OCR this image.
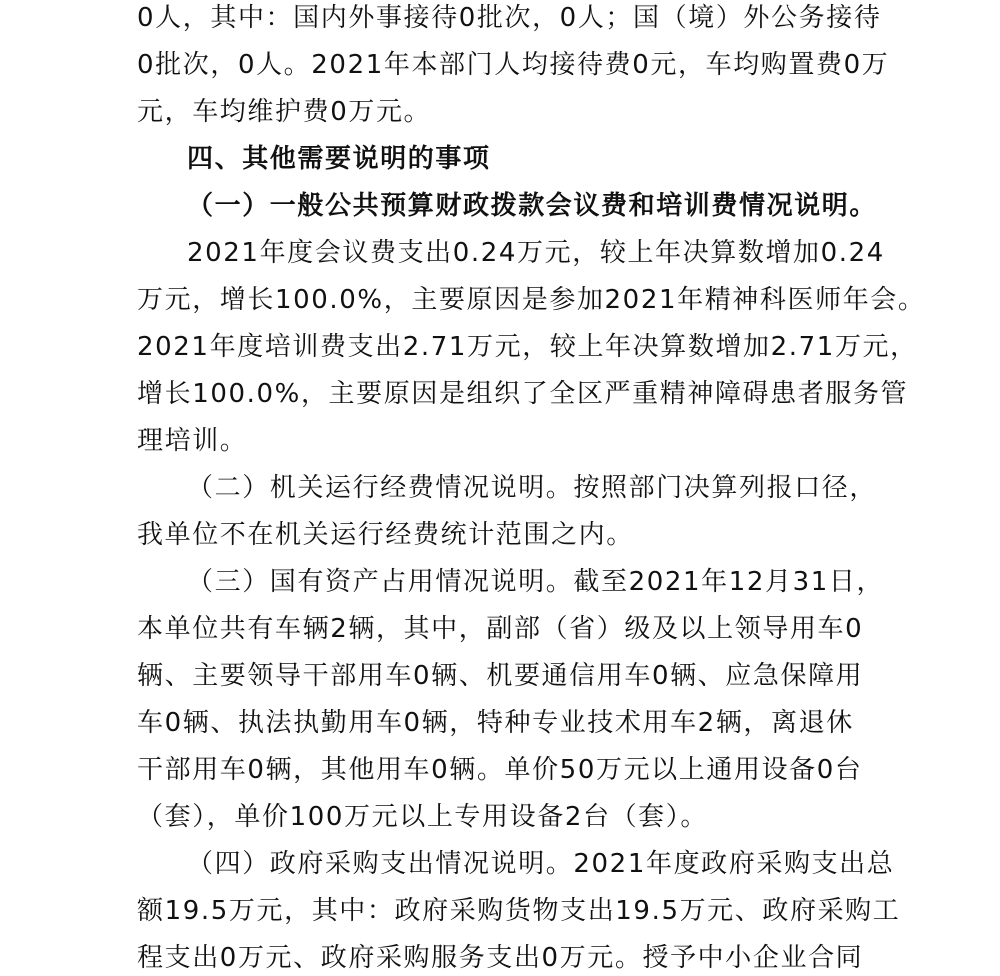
0人，其中：国内外事接待0批次，0人；国（境）外公务接待
0批次，0人。2021年本部门人均接待费0元，车均购置费0万
元，车均维护费0万元。
四、其他需要说明的事项
（一）一般公共预算财政拨款会议费和培训费情况说明。
2021年度会议费支出0.24万元，较上年决算数增加0.24
万元，增长100.0%，主要原因是参加2021年精神科医师年会。
2021年度培训费支出2.71万元，较上年决算数增加2.71万元，
增长100.0%，主要原因是组织了全区严重精神障碍患者服务管
理培训。
（二）机关运行经费情况说明。按照部门决算列报口径，
我单位不在机关运行经费统计范围之内。
（三）国有资产占用情况说明。截至2021年12月31日，
本单位共有车辆2辆，其中，副部（省）级及以上领导用车0
辆、主要领导干部用车0辆、机要通信用车0辆、应急保障用
车0辆、执法执勤用车0辆，特种专业技术用车2辆，离退休
干部用车0辆，其他用车0辆。单价50万元以上通用设备0台
（套），单价100万元以上专用设备2台（套）。
（四）政府采购支出情况说明。2021年度政府采购支出总
额19.5万元，其中：政府采购货物支出19.5万元、政府采购工
程支出0万元、政府采购服务支出0万元。授予中小企业合同
